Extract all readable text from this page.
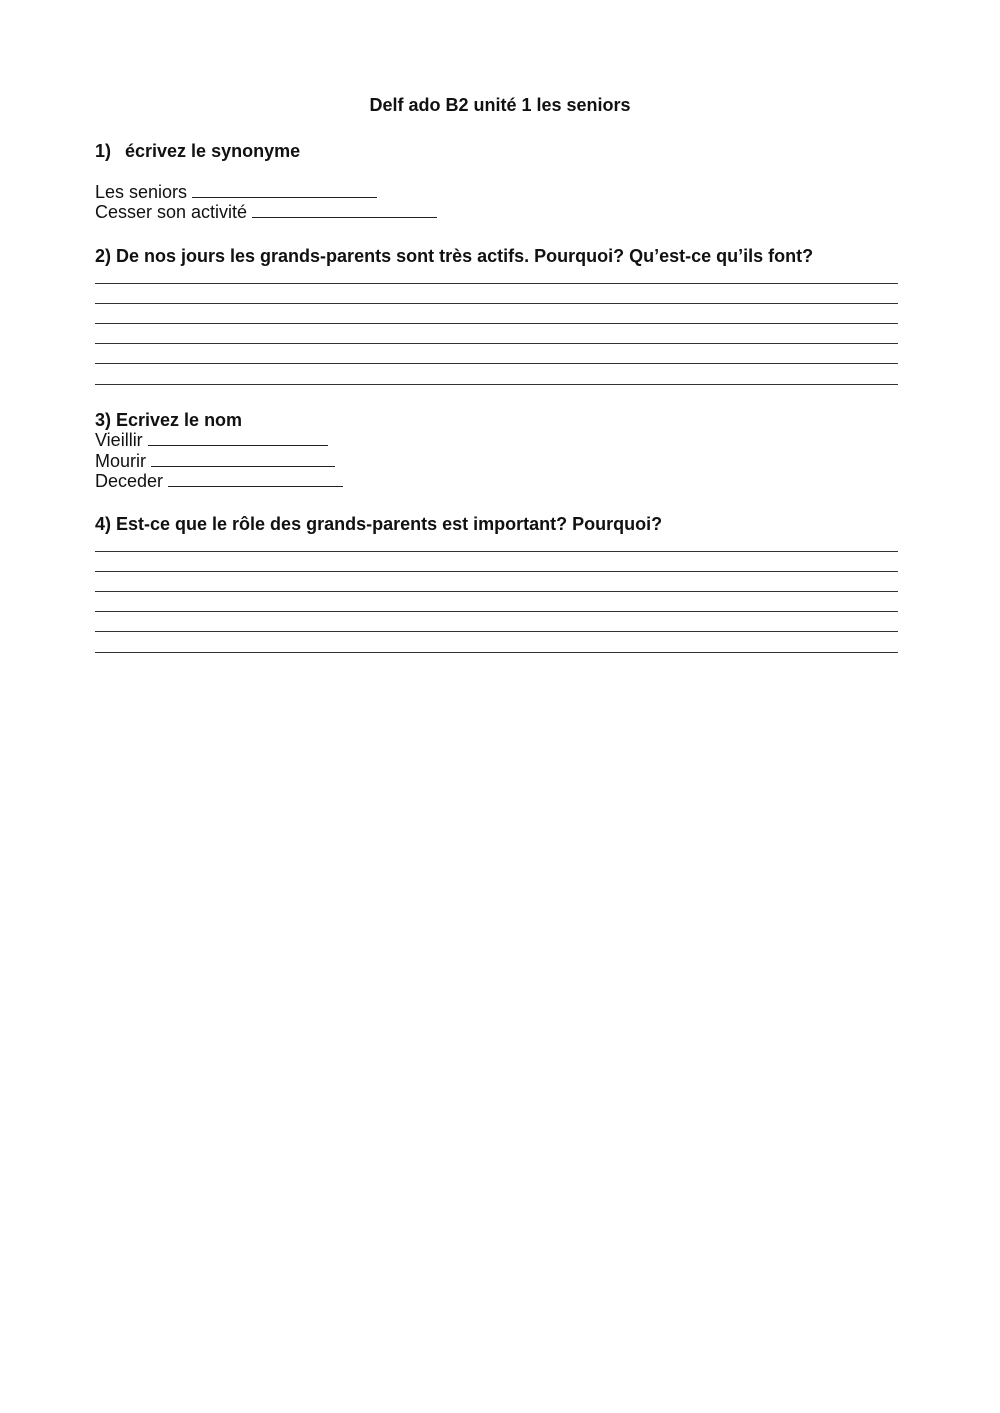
Delf ado B2 unité 1 les seniors
1) écrivez le synonyme
Les seniors
Cesser son activité
2) De nos jours les grands-parents sont très actifs. Pourquoi? Qu’est-ce qu’ils font?
3) Ecrivez le nom
Vieillir
Mourir
Deceder
4) Est-ce que le rôle des grands-parents est important? Pourquoi?
